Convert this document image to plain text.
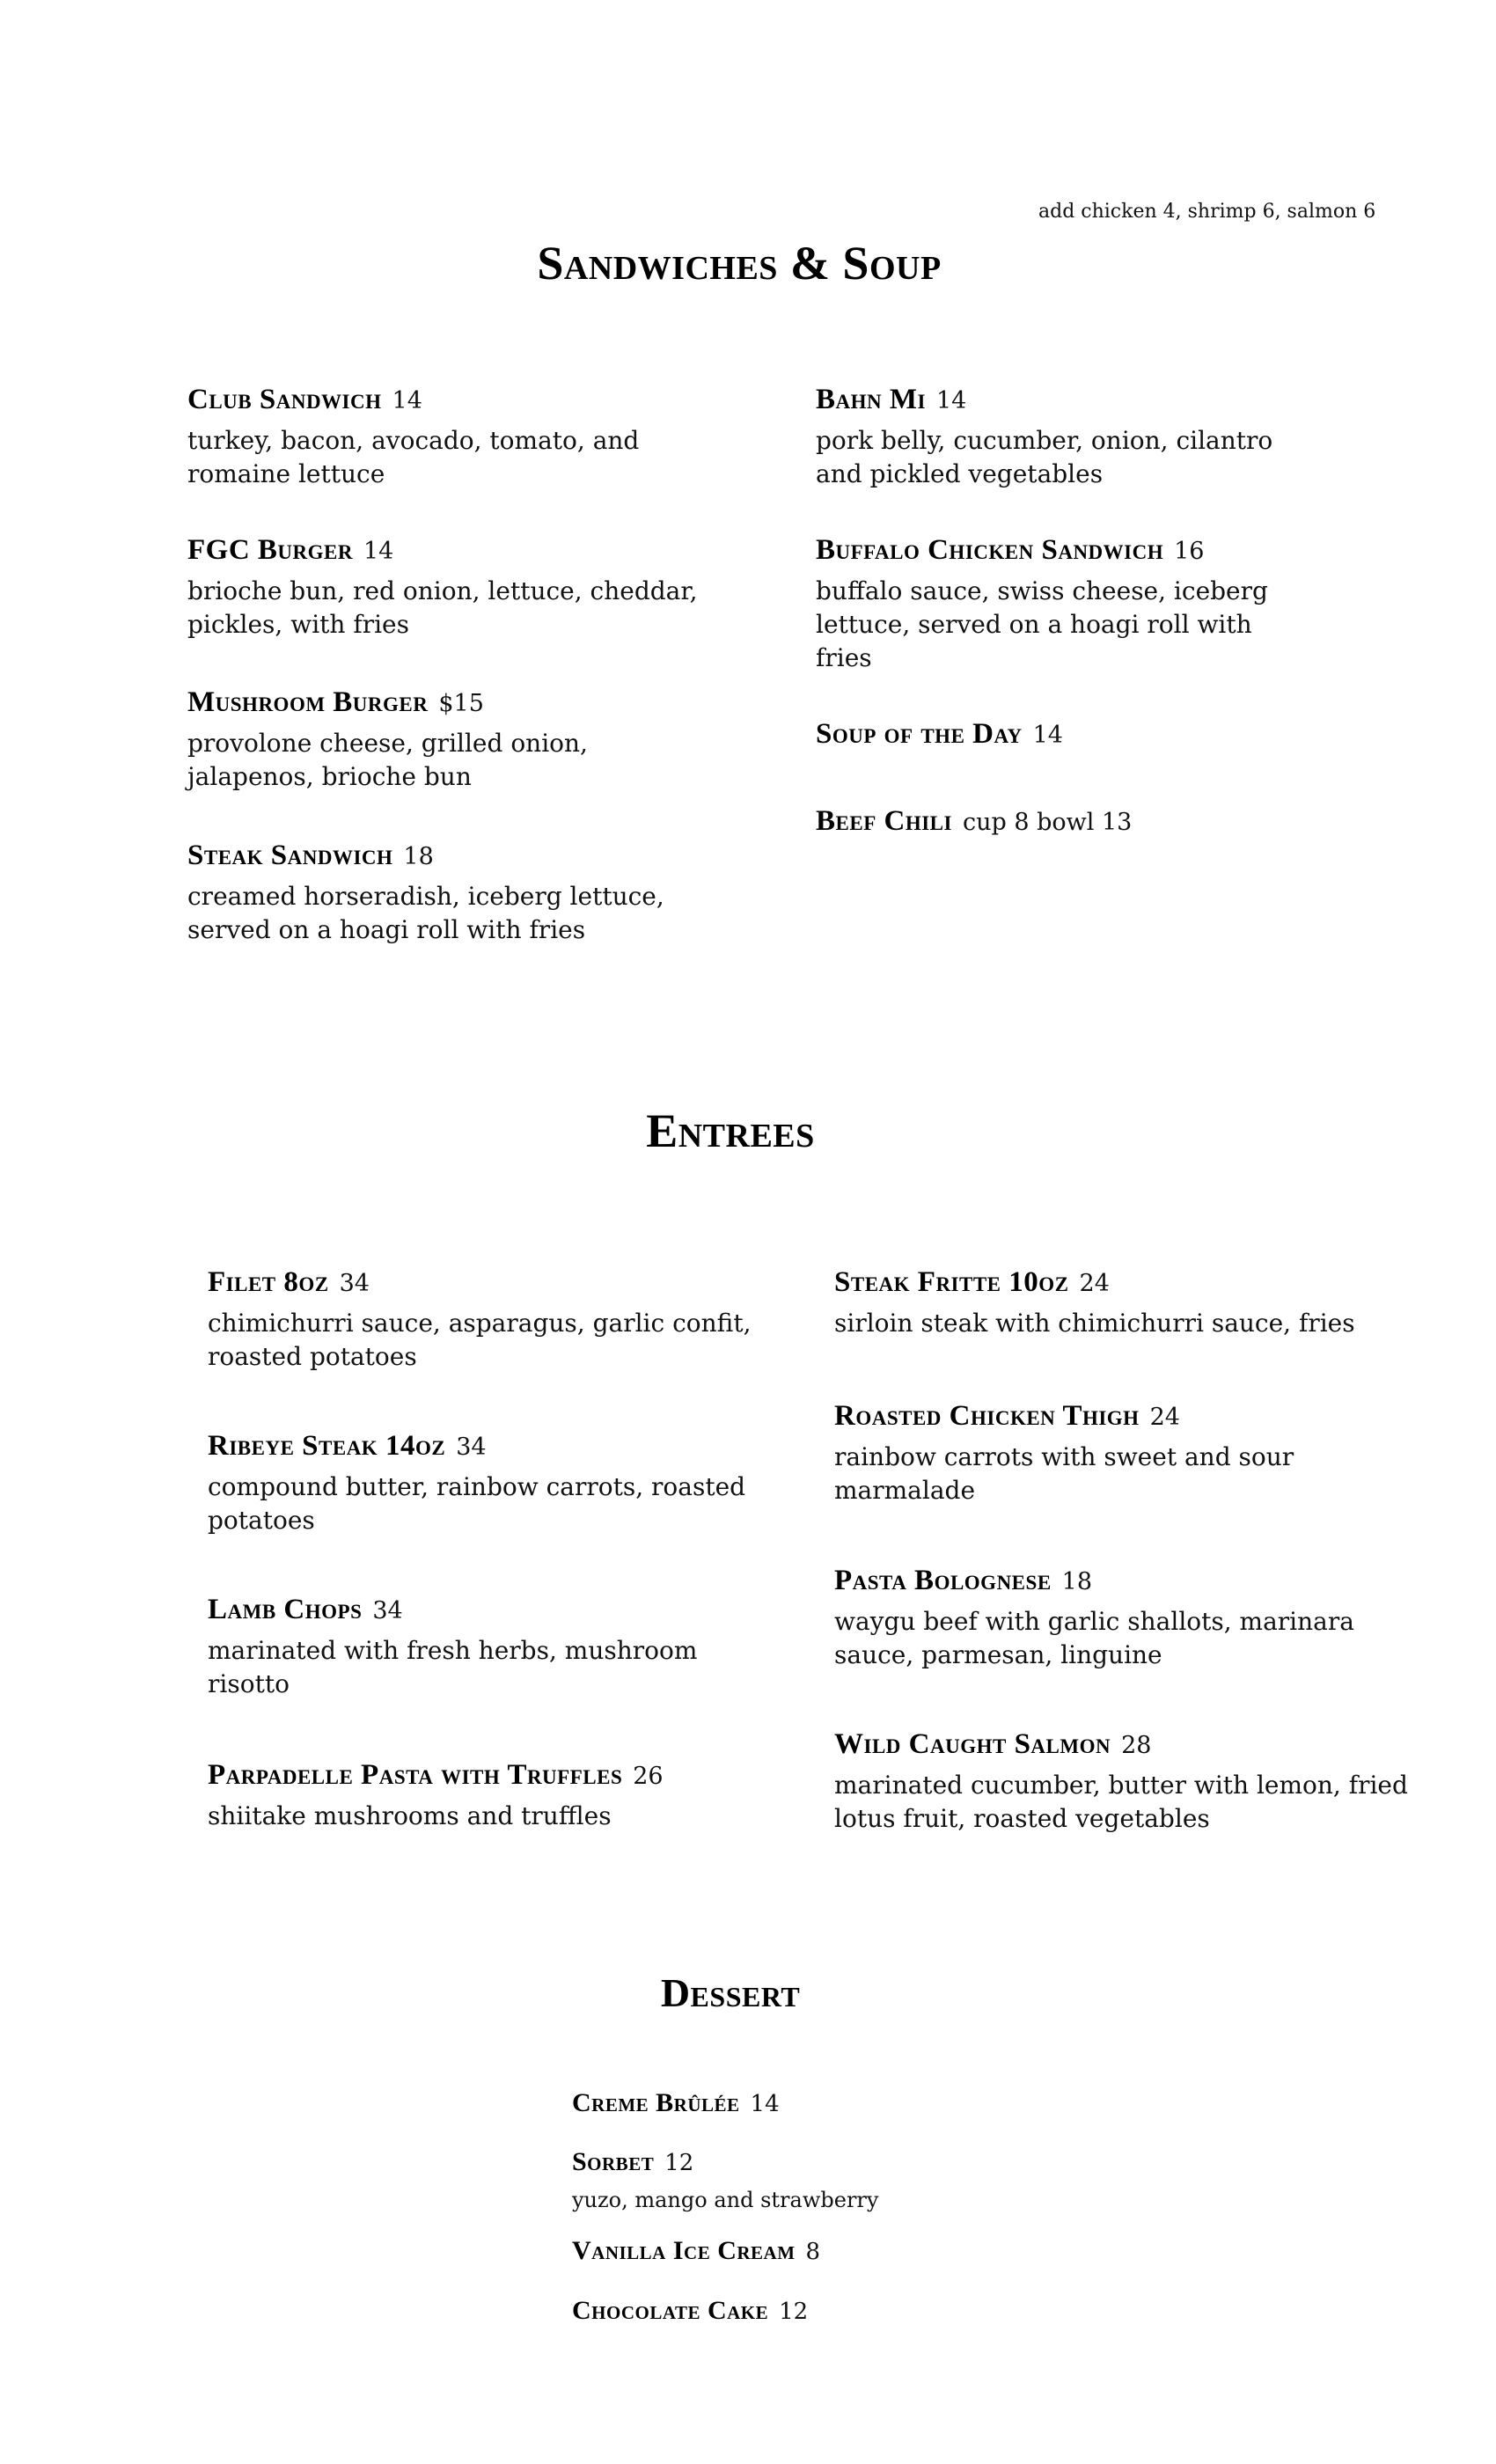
add chicken 4, shrimp 6, salmon 6
Sandwiches & Soup
Club Sandwich 14
turkey, bacon, avocado, tomato, and romaine lettuce
FGC Burger 14
brioche bun, red onion, lettuce, cheddar, pickles, with fries
Mushroom Burger $15
provolone cheese, grilled onion, jalapenos, brioche bun
Steak Sandwich 18
creamed horseradish, iceberg lettuce, served on a hoagi roll with fries
Bahn Mi 14
pork belly, cucumber, onion, cilantro and pickled vegetables
Buffalo Chicken Sandwich 16
buffalo sauce, swiss cheese, iceberg lettuce, served on a hoagi roll with fries
Soup of the Day 14
Beef Chili cup 8 bowl 13
Entrees
Filet 8oz 34
chimichurri sauce, asparagus, garlic confit, roasted potatoes
Ribeye Steak 14oz 34
compound butter, rainbow carrots, roasted potatoes
Lamb Chops 34
marinated with fresh herbs, mushroom risotto
Parpadelle Pasta with Truffles 26
shiitake mushrooms and truffles
Steak Fritte 10oz 24
sirloin steak with chimichurri sauce, fries
Roasted Chicken Thigh 24
rainbow carrots with sweet and sour marmalade
Pasta Bolognese 18
waygu beef with garlic shallots, marinara sauce, parmesan, linguine
Wild Caught Salmon 28
marinated cucumber, butter with lemon, fried lotus fruit, roasted vegetables
Dessert
Creme Brûlée 14
Sorbet 12
yuzo, mango and strawberry
Vanilla Ice Cream 8
Chocolate Cake 12
